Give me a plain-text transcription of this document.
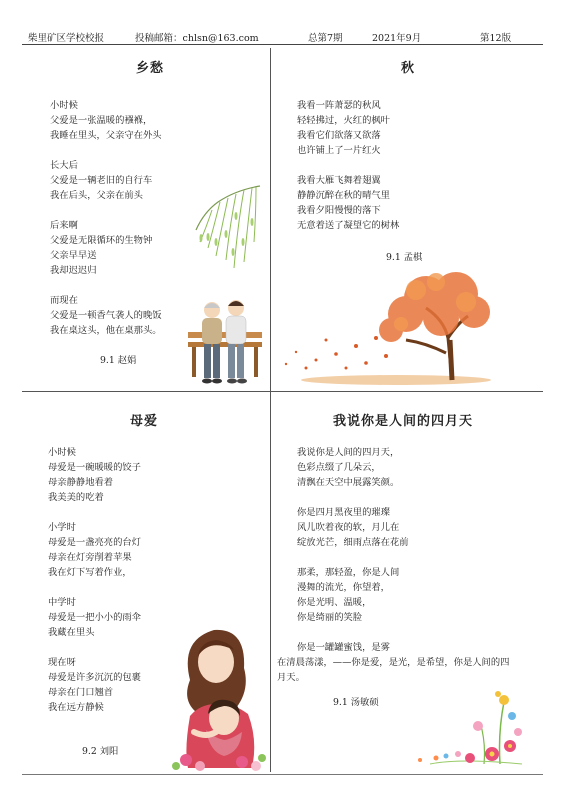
柴里矿区学校校报	投稿邮箱：chlsn@163.com	总第7期	2021年9月	第12版
乡愁
小时候
父爱是一张温暖的襁褓，
我睡在里头，父亲守在外头
长大后
父爱是一辆老旧的自行车
我在后头，父亲在前头
后来啊
父爱是无限循环的生物钟
父亲早早送
我却迟迟归
而现在
父爱是一顿香气袭人的晚饭
我在桌这头，他在桌那头。
9.1 赵娟
秋
我看一阵萧瑟的秋风
轻轻拂过，火红的枫叶
我看它们欲落又欲落
也许铺上了一片红火
我看大雁飞舞着翅翼
静静沉醉在秋的晴气里
我看夕阳慢慢的落下
无意着送了凝望它的树林
9.1 孟棋
母爱
小时候
母爱是一碗暖暖的饺子
母亲静静地看着
我美美的吃着
小学时
母爱是一盏亮亮的台灯
母亲在灯旁削着苹果
我在灯下写着作业，
中学时
母爱是一把小小的雨伞
我藏在里头
现在呀
母爱是许多沉沉的包裹
母亲在门口翘首
我在远方静候
9.2 刘阳
我说你是人间的四月天
我说你是人间的四月天，
色彩点缀了几朵云，
清飘在天空中展露笑颜。
你是四月黑夜里的璀璨
风儿吹着夜的软，月儿在
绽放光芒，细雨点落在花前
那柔，那轻盈，你是人间
漫舞的流光，你望着，
你是光明、温暖，
你是绮丽的笑脸
你是一罐罐蜜饯，是雾
在清晨荡漾，——你是爱，是光，是希望，你是人间的四月天。
9.1 汤敏硕
